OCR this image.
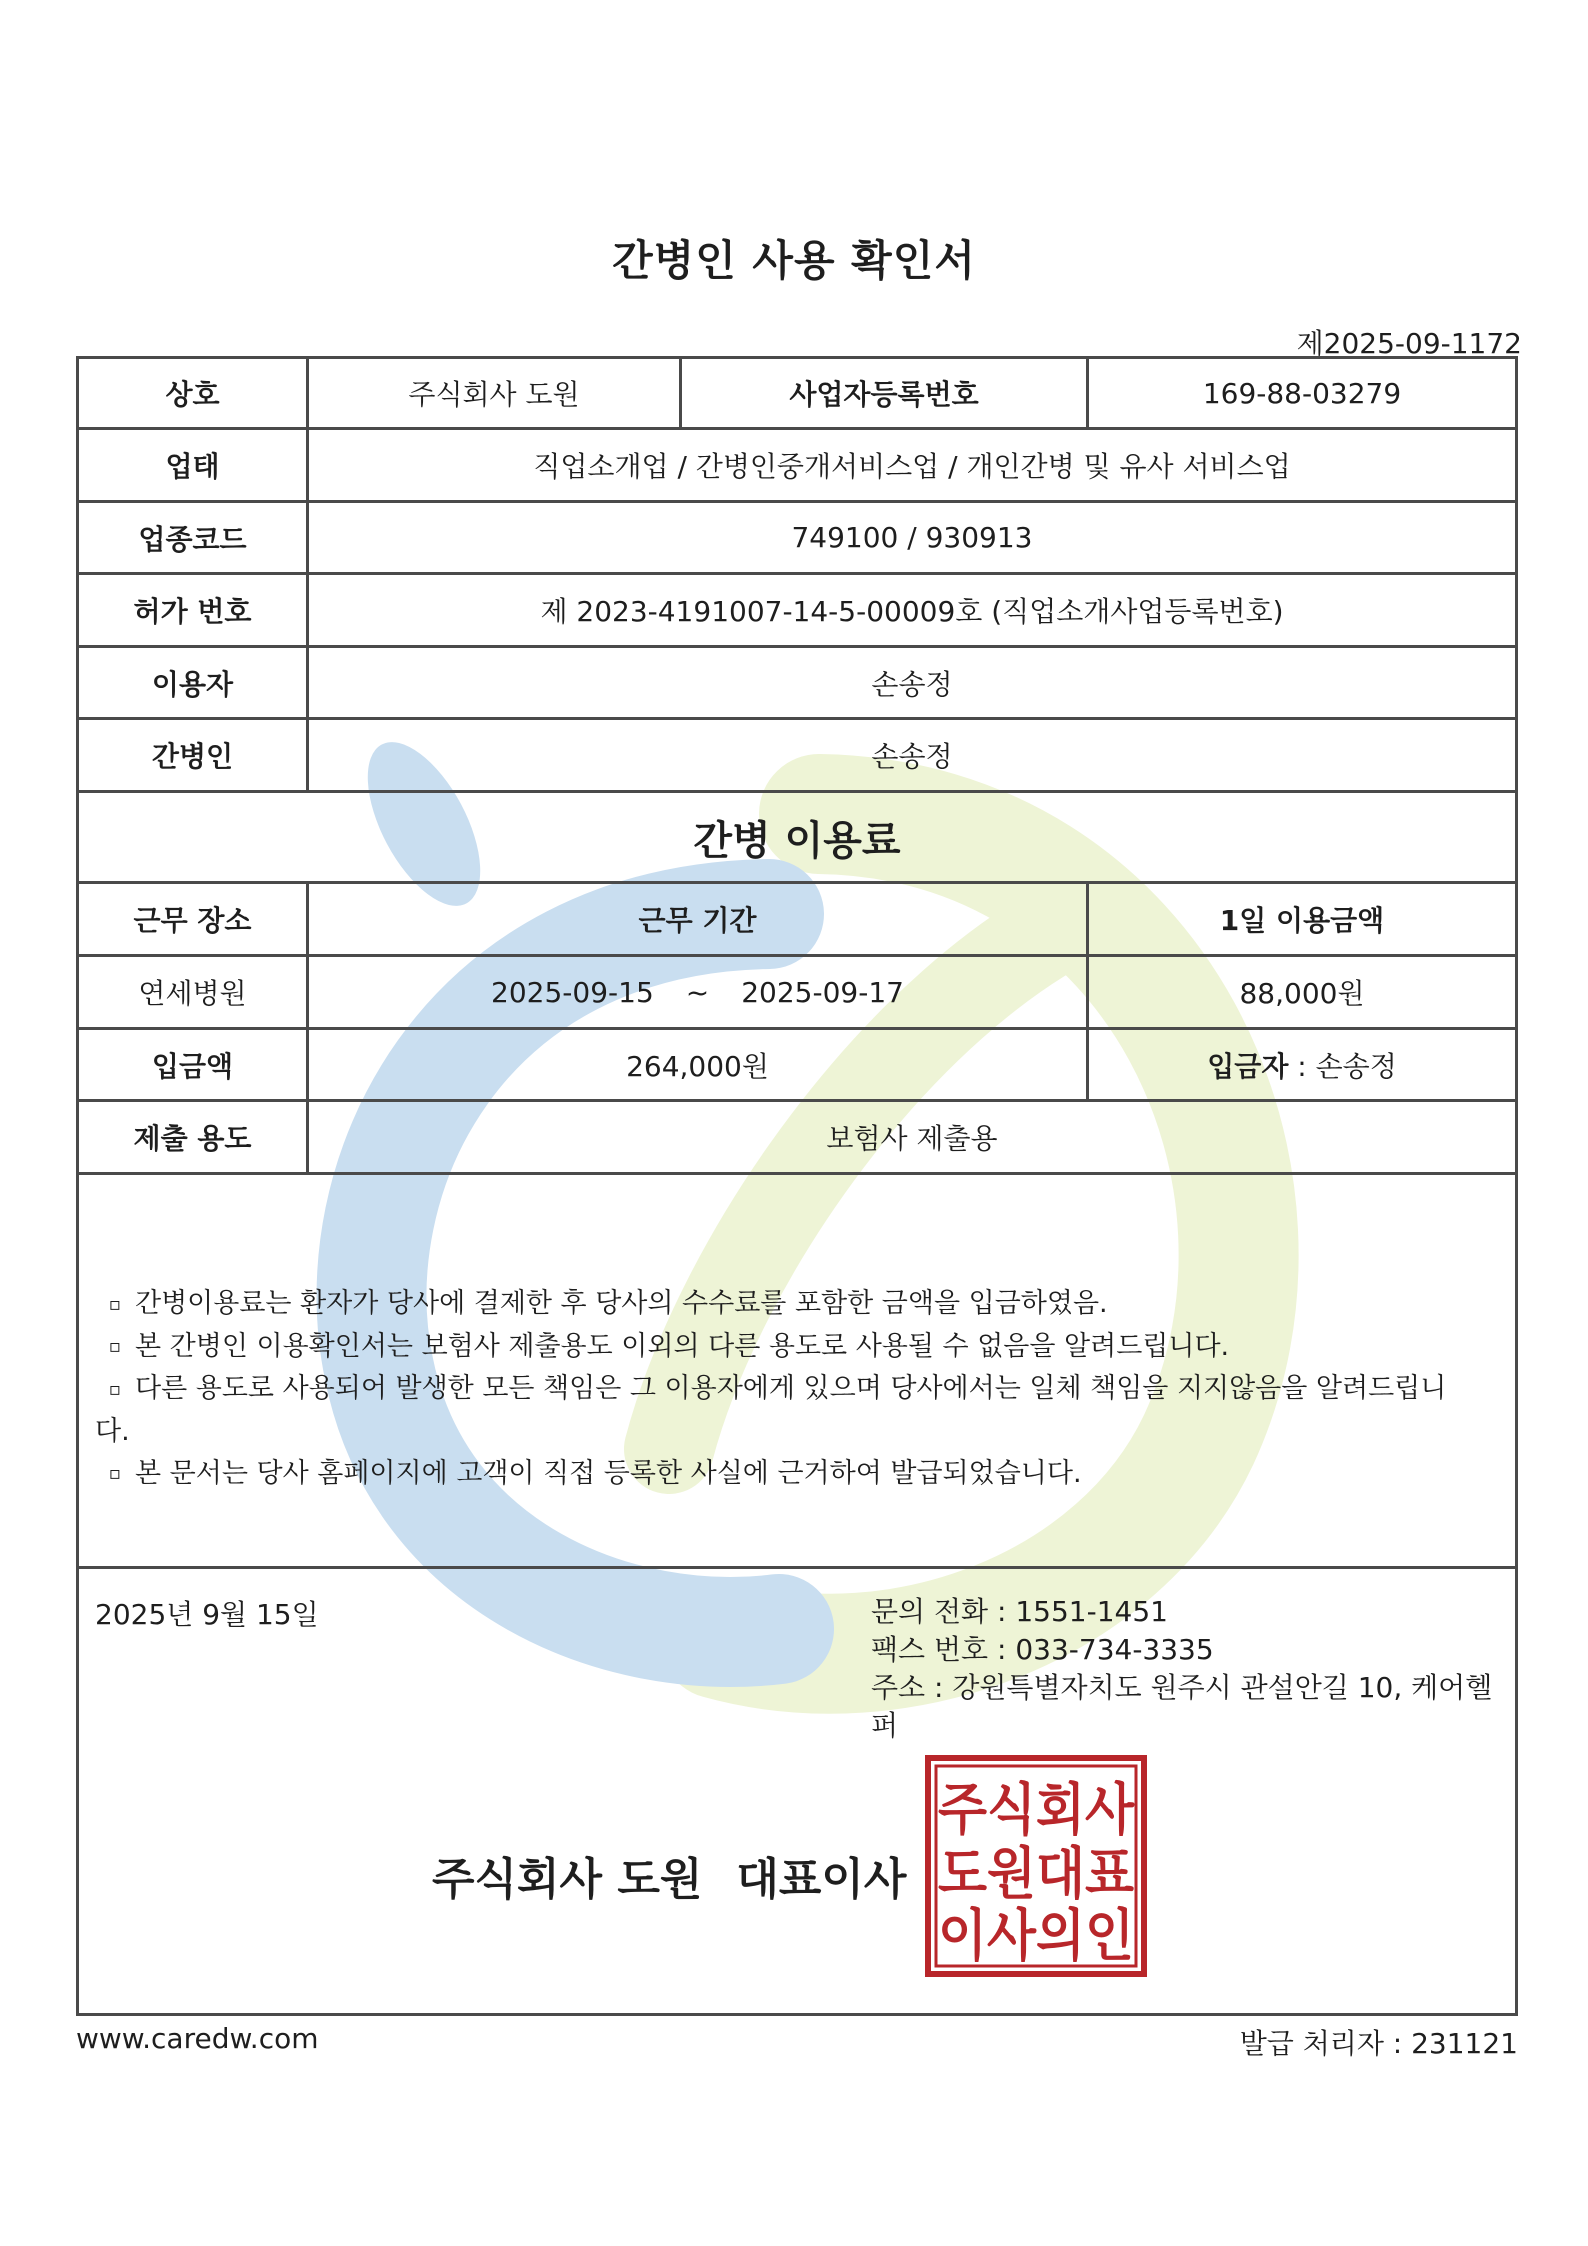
간병인 사용 확인서
제2025-09-1172
상호	주식회사 도원	사업자등록번호	169-88-03279
업태	직업소개업 / 간병인중개서비스업 / 개인간병 및 유사 서비스업
업종코드	749100 / 930913
허가 번호	제 2023-4191007-14-5-00009호 (직업소개사업등록번호)
이용자	손송정
간병인	손송정
간병 이용료
근무 장소	근무 기간	1일 이용금액
연세병원	2025-09-15 ~ 2025-09-17	88,000원
입금액	264,000원	입금자 : 손송정
제출 용도	보험사 제출용
▫ 간병이용료는 환자가 당사에 결제한 후 당사의 수수료를 포함한 금액을 입금하였음.
▫ 본 간병인 이용확인서는 보험사 제출용도 이외의 다른 용도로 사용될 수 없음을 알려드립니다.
▫ 다른 용도로 사용되어 발생한 모든 책임은 그 이용자에게 있으며 당사에서는 일체 책임을 지지않음을 알려드립니
다.
▫ 본 문서는 당사 홈페이지에 고객이 직접 등록한 사실에 근거하여 발급되었습니다.
2025년 9월 15일	문의 전화 : 1551-1451
팩스 번호 : 033-734-3335
주소 : 강원특별자치도 원주시 관설안길 10, 케어헬퍼
주식회사 도원 대표이사
주식회사
도원대표
이사의인
www.caredw.com	발급 처리자 : 231121
